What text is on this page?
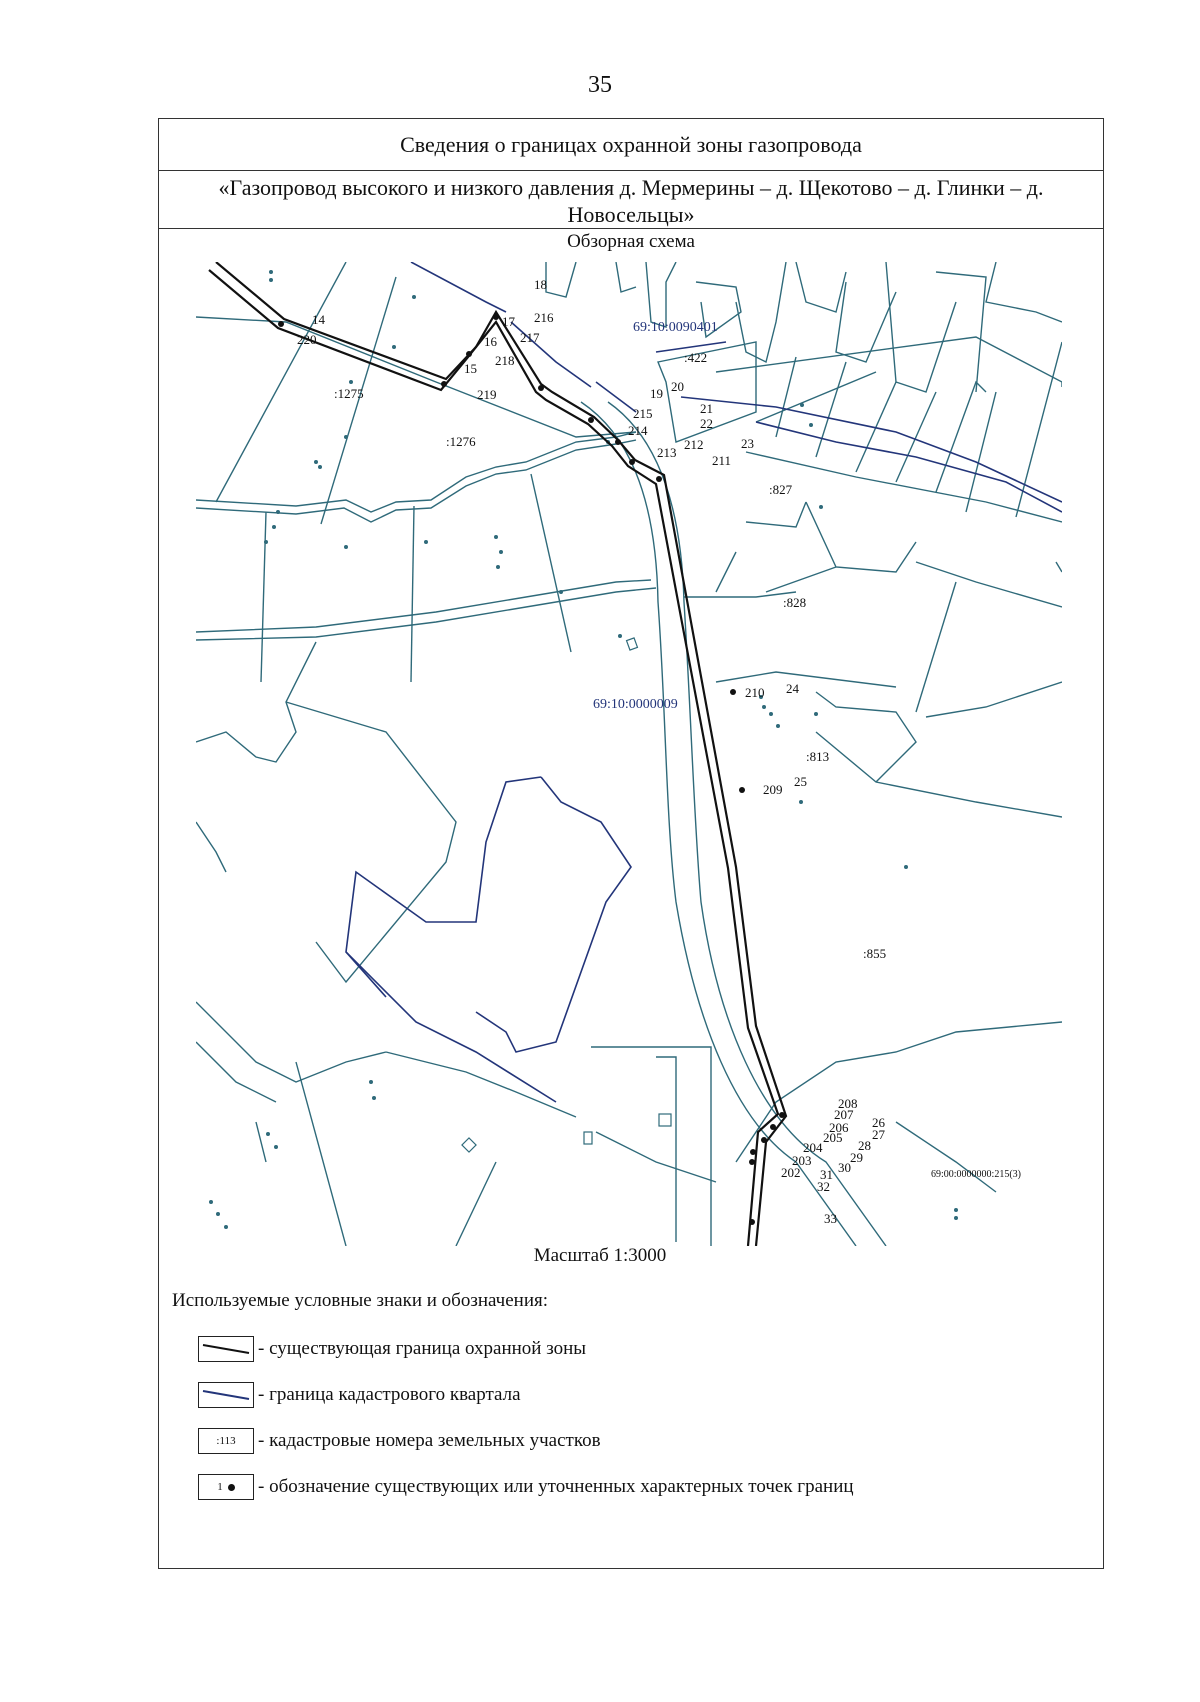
35
Сведения о границах охранной зоны газопровода
«Газопровод высокого и низкого давления д. Мермерины – д. Щекотово – д. Глинки – д. Новосельцы»
Обзорная схема
69:10:0090401
69:10:0000009
69:00:0000000:215(3)
:1275
:1276
:422
:827
:828
:813
:855
14
220
15
219
16
218
17
217
18
216
19 20
215
214
21
22
213
212	23
211
210 24
209
25
208
207
26
206 27
205
28
204
203	29
202	30
31
32
33
Масштаб 1:3000
Используемые условные знаки и обозначения:
- существующая граница охранной зоны
- граница кадастрового квартала
:113 - кадастровые номера земельных участков
1 - обозначение существующих или уточненных характерных точек границ
